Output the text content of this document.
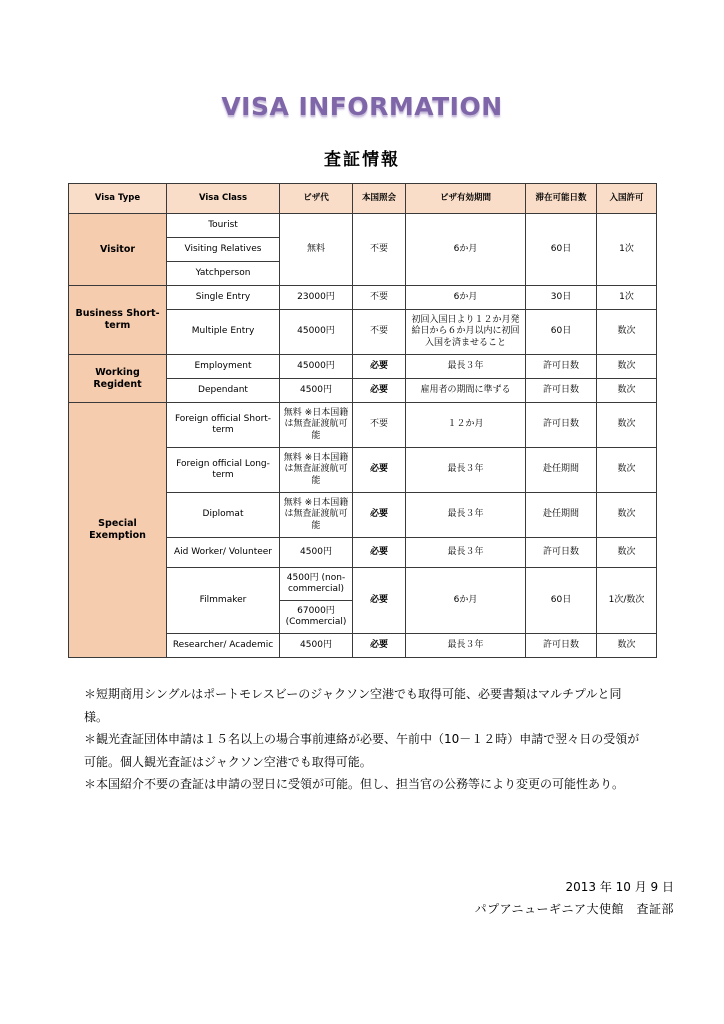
VISA INFORMATION
査証情報
Visa Type	Visa Class	ビザ代	本国照会	ビザ有効期間	滞在可能日数	入国許可
Visitor	Tourist	無料	不要	6か月	60日	1次
	Visiting Relatives					
	Yatchperson					
Business Short-term	Single Entry	23000円	不要	6か月	30日	1次
	Multiple Entry	45000円	不要	初回入国日より１２か月発給日から６か月以内に初回入国を済ませること	60日	数次
Working Regident	Employment	45000円	必要	最長３年	許可日数	数次
	Dependant	4500円	必要	雇用者の期間に準ずる	許可日数	数次
Special Exemption	Foreign official Short-term	無料 ※日本国籍は無査証渡航可能	不要	１２か月	許可日数	数次
	Foreign official Long-term	無料 ※日本国籍は無査証渡航可能	必要	最長３年	赴任期間	数次
	Diplomat	無料 ※日本国籍は無査証渡航可能	必要	最長３年	赴任期間	数次
	Aid Worker/ Volunteer	4500円	必要	最長３年	許可日数	数次
	Filmmaker	4500円 (non-commercial)	必要	6か月	60日	1次/数次
		67000円 (Commercial)				
	Researcher/ Academic	4500円	必要	最長３年	許可日数	数次

＊短期商用シングルはポートモレスビーのジャクソン空港でも取得可能、必要書類はマルチプルと同様。

＊観光査証団体申請は１５名以上の場合事前連絡が必要、午前中（10－１２時）申請で翌々日の受領が可能。個人観光査証はジャクソン空港でも取得可能。

＊本国紹介不要の査証は申請の翌日に受領が可能。但し、担当官の公務等により変更の可能性あり。

2013 年 10 月 9 日
パプアニューギニア大使館　査証部
